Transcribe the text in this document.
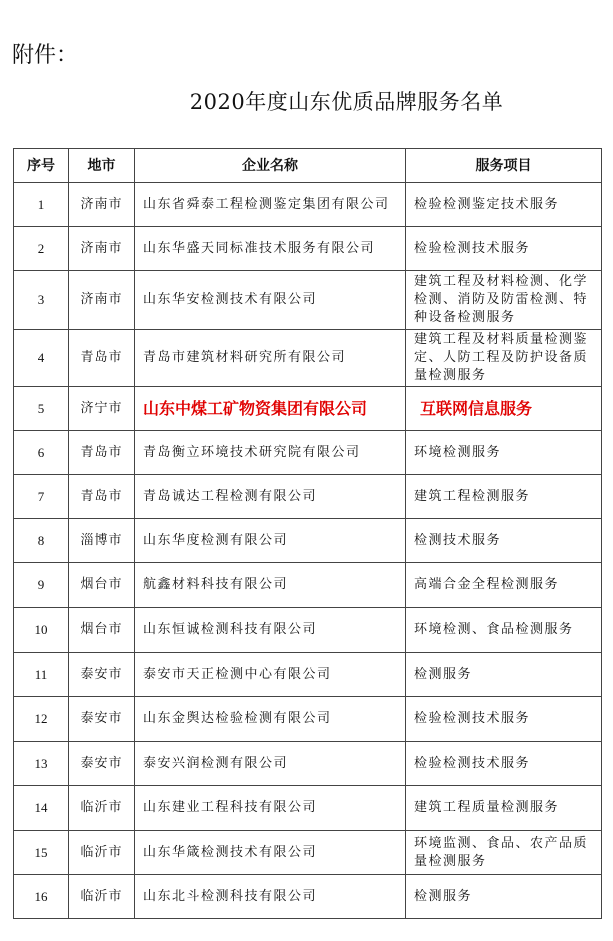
附件：
2020年度山东优质品牌服务名单
序号	地市	企业名称	服务项目
1	济南市	山东省舜泰工程检测鉴定集团有限公司	检验检测鉴定技术服务
2	济南市	山东华盛天同标准技术服务有限公司	检验检测技术服务
3	济南市	山东华安检测技术有限公司	建筑工程及材料检测、化学检测、消防及防雷检测、特种设备检测服务
4	青岛市	青岛市建筑材料研究所有限公司	建筑工程及材料质量检测鉴定、人防工程及防护设备质量检测服务
5	济宁市	山东中煤工矿物资集团有限公司	互联网信息服务
6	青岛市	青岛衡立环境技术研究院有限公司	环境检测服务
7	青岛市	青岛诚达工程检测有限公司	建筑工程检测服务
8	淄博市	山东华度检测有限公司	检测技术服务
9	烟台市	航鑫材料科技有限公司	高端合金全程检测服务
10	烟台市	山东恒诚检测科技有限公司	环境检测、食品检测服务
11	泰安市	泰安市天正检测中心有限公司	检测服务
12	泰安市	山东金舆达检验检测有限公司	检验检测技术服务
13	泰安市	泰安兴润检测有限公司	检验检测技术服务
14	临沂市	山东建业工程科技有限公司	建筑工程质量检测服务
15	临沂市	山东华箴检测技术有限公司	环境监测、食品、农产品质量检测服务
16	临沂市	山东北斗检测科技有限公司	检测服务
